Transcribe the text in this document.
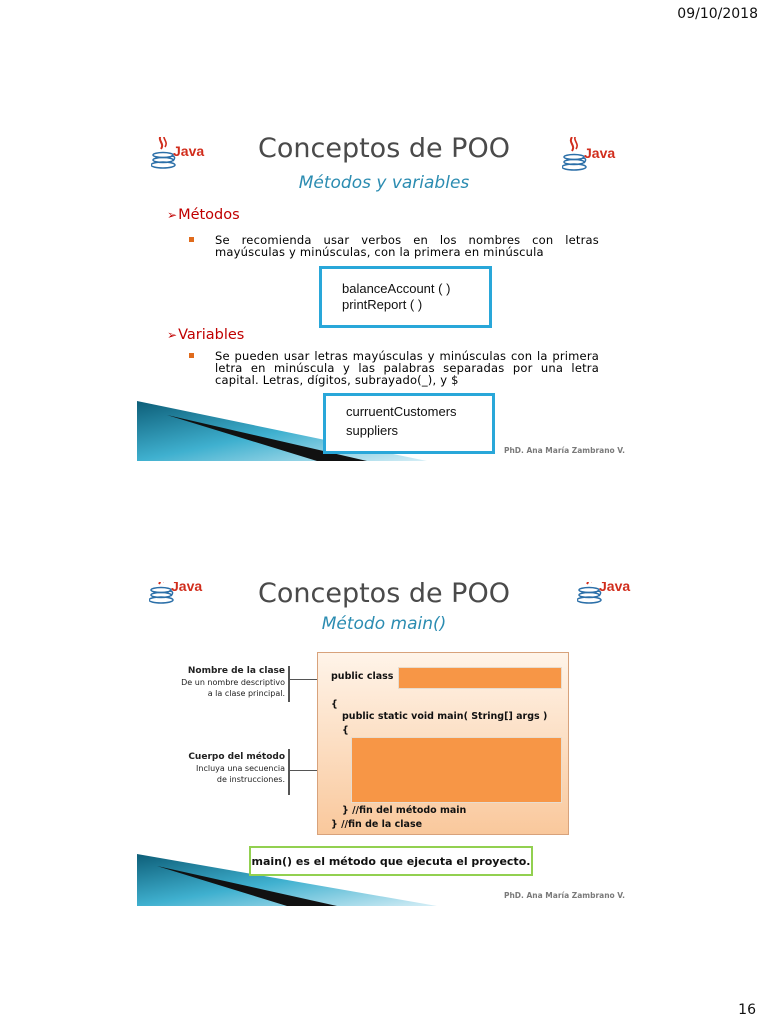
09/10/2018
Java	Java
Conceptos de POO
Métodos y variables
➢Métodos
Se recomienda usar verbos en los nombres con letras mayúsculas y minúsculas, con la primera en minúscula
balanceAccount ( )
printReport ( )
➢Variables
Se pueden usar letras mayúsculas y minúsculas con la primera letra en minúscula y las palabras separadas por una letra capital. Letras, dígitos, subrayado(_), y $
curruentCustomers
suppliers
PhD. Ana María Zambrano V.
Java	Java
Conceptos de POO
Método main()
Nombre de la clase
De un nombre descriptivo
a la clase principal.
Cuerpo del método
Incluya una secuencia
de instrucciones.
public class
{
public static void main( String[] args )
{
} //fin del método main
} //fin de la clase
main() es el método que ejecuta el proyecto.
PhD. Ana María Zambrano V.
16
